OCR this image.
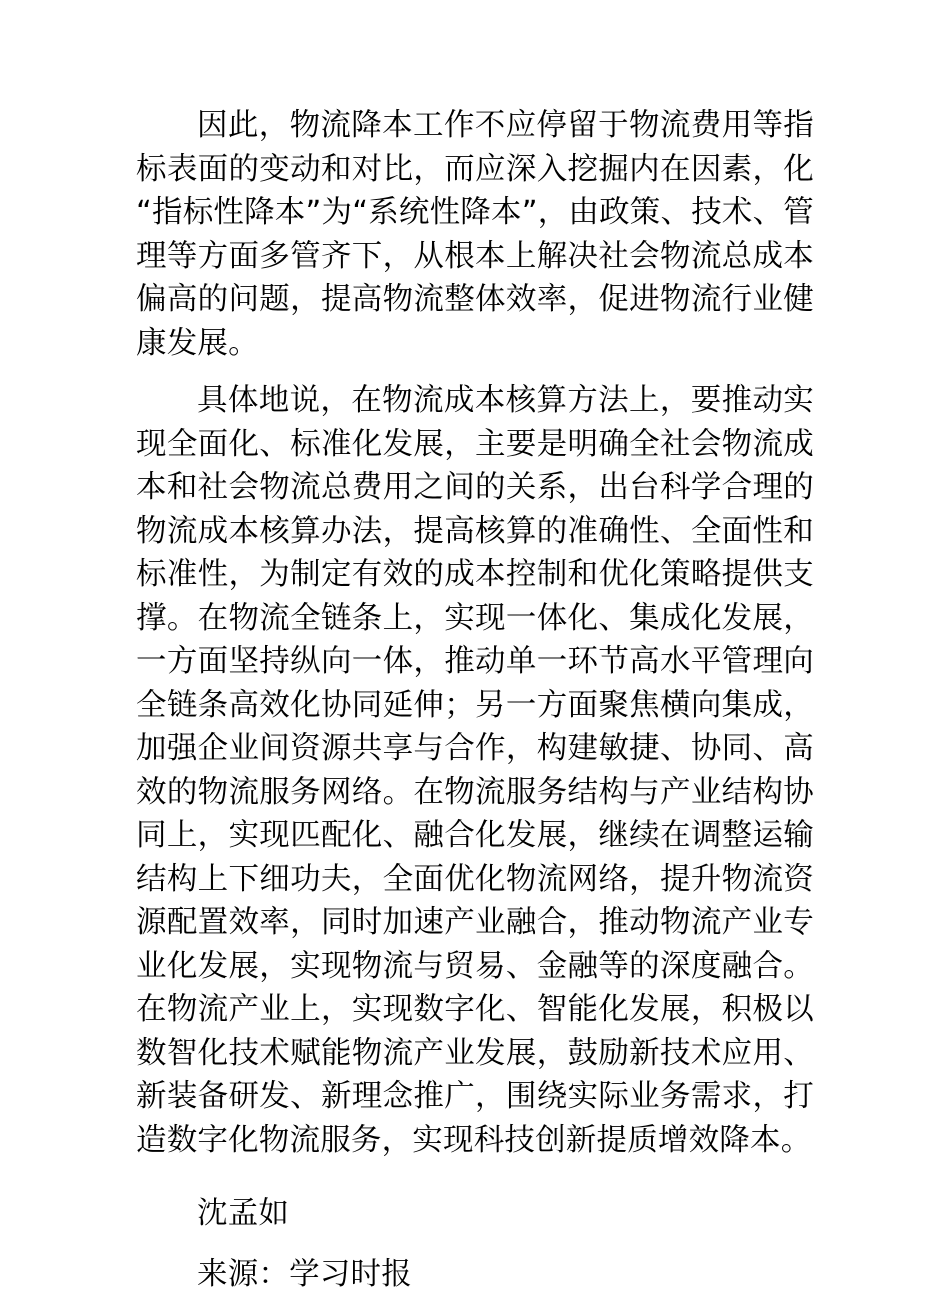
因此，物流降本工作不应停留于物流费用等指标表面的变动和对比，而应深入挖掘内在因素，化“指标性降本”为“系统性降本”，由政策、技术、管理等方面多管齐下，从根本上解决社会物流总成本偏高的问题，提高物流整体效率，促进物流行业健康发展。

具体地说，在物流成本核算方法上，要推动实现全面化、标准化发展，主要是明确全社会物流成本和社会物流总费用之间的关系，出台科学合理的物流成本核算办法，提高核算的准确性、全面性和标准性，为制定有效的成本控制和优化策略提供支撑。在物流全链条上，实现一体化、集成化发展，一方面坚持纵向一体，推动单一环节高水平管理向全链条高效化协同延伸；另一方面聚焦横向集成，加强企业间资源共享与合作，构建敏捷、协同、高效的物流服务网络。在物流服务结构与产业结构协同上，实现匹配化、融合化发展，继续在调整运输结构上下细功夫，全面优化物流网络，提升物流资源配置效率，同时加速产业融合，推动物流产业专业化发展，实现物流与贸易、金融等的深度融合。在物流产业上，实现数字化、智能化发展，积极以数智化技术赋能物流产业发展，鼓励新技术应用、新装备研发、新理念推广，围绕实际业务需求，打造数字化物流服务，实现科技创新提质增效降本。

沈孟如

来源：学习时报
